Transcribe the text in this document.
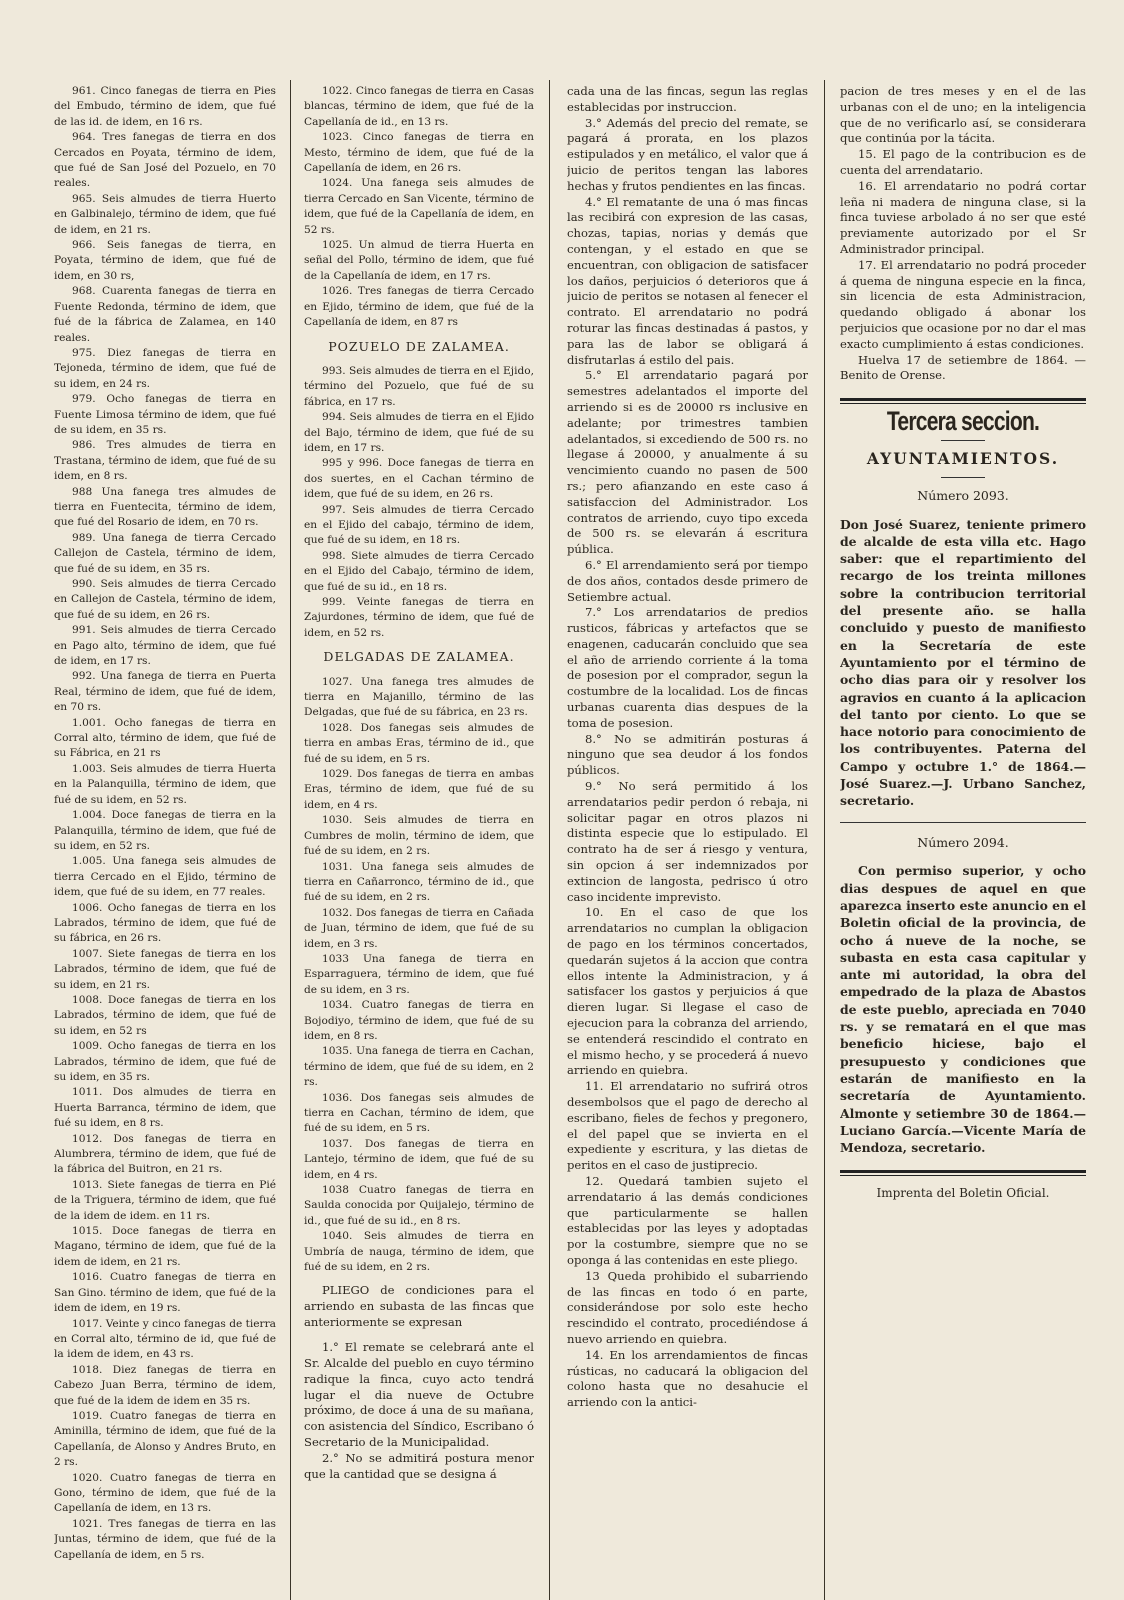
961. Cinco fanegas de tierra en Pies del Embudo, término de idem, que fué de las id. de idem, en 16 rs.

964. Tres fanegas de tierra en dos Cercados en Poyata, término de idem, que fué de San José del Pozuelo, en 70 reales.

965. Seis almudes de tierra Huerto en Galbinalejo, término de idem, que fué de idem, en 21 rs.

966. Seis fanegas de tierra, en Poyata, término de idem, que fué de idem, en 30 rs,

968. Cuarenta fanegas de tierra en Fuente Redonda, término de idem, que fué de la fábrica de Zalamea, en 140 reales.

975. Diez fanegas de tierra en Tejoneda, término de idem, que fué de su idem, en 24 rs.

979. Ocho fanegas de tierra en Fuente Limosa término de idem, que fué de su idem, en 35 rs.

986. Tres almudes de tierra en Trastana, término de idem, que fué de su idem, en 8 rs.

988 Una fanega tres almudes de tierra en Fuentecita, término de idem, que fué del Rosario de idem, en 70 rs.

989. Una fanega de tierra Cercado Callejon de Castela, término de idem, que fué de su idem, en 35 rs.

990. Seis almudes de tierra Cercado en Callejon de Castela, término de idem, que fué de su idem, en 26 rs.

991. Seis almudes de tierra Cercado en Pago alto, término de idem, que fué de idem, en 17 rs.

992. Una fanega de tierra en Puerta Real, término de idem, que fué de idem, en 70 rs.

1.001. Ocho fanegas de tierra en Corral alto, término de idem, que fué de su Fábrica, en 21 rs

1.003. Seis almudes de tierra Huerta en la Palanquilla, término de idem, que fué de su idem, en 52 rs.

1.004. Doce fanegas de tierra en la Palanquilla, término de idem, que fué de su idem, en 52 rs.

1.005. Una fanega seis almudes de tierra Cercado en el Ejido, término de idem, que fué de su idem, en 77 reales.

1006. Ocho fanegas de tierra en los Labrados, término de idem, que fué de su fábrica, en 26 rs.

1007. Siete fanegas de tierra en los Labrados, término de idem, que fué de su idem, en 21 rs.

1008. Doce fanegas de tierra en los Labrados, término de idem, que fué de su idem, en 52 rs

1009. Ocho fanegas de tierra en los Labrados, término de idem, que fué de su idem, en 35 rs.

1011. Dos almudes de tierra en Huerta Barranca, término de idem, que fué su idem, en 8 rs.

1012. Dos fanegas de tierra en Alumbrera, término de idem, que fué de la fábrica del Buitron, en 21 rs.

1013. Siete fanegas de tierra en Pié de la Triguera, término de idem, que fué de la idem de idem. en 11 rs.

1015. Doce fanegas de tierra en Magano, término de idem, que fué de la idem de idem, en 21 rs.

1016. Cuatro fanegas de tierra en San Gino. término de idem, que fué de la idem de idem, en 19 rs.

1017. Veinte y cinco fanegas de tierra en Corral alto, término de id, que fué de la idem de idem, en 43 rs.

1018. Diez fanegas de tierra en Cabezo Juan Berra, término de idem, que fué de la idem de idem en 35 rs.

1019. Cuatro fanegas de tierra en Aminilla, término de idem, que fué de la Capellanía, de Alonso y Andres Bruto, en 2 rs.

1020. Cuatro fanegas de tierra en Gono, término de idem, que fué de la Capellanía de idem, en 13 rs.

1021. Tres fanegas de tierra en las Juntas, término de idem, que fué de la Capellanía de idem, en 5 rs.

1022. Cinco fanegas de tierra en Casas blancas, término de idem, que fué de la Capellanía de id., en 13 rs.

1023. Cinco fanegas de tierra en Mesto, término de idem, que fué de la Capellanía de idem, en 26 rs.

1024. Una fanega seis almudes de tierra Cercado en San Vicente, término de idem, que fué de la Capellanía de idem, en 52 rs.

1025. Un almud de tierra Huerta en señal del Pollo, término de idem, que fué de la Capellanía de idem, en 17 rs.

1026. Tres fanegas de tierra Cercado en Ejido, término de idem, que fué de la Capellanía de idem, en 87 rs

POZUELO DE ZALAMEA.

993. Seis almudes de tierra en el Ejido, término del Pozuelo, que fué de su fábrica, en 17 rs.

994. Seis almudes de tierra en el Ejido del Bajo, término de idem, que fué de su idem, en 17 rs.

995 y 996. Doce fanegas de tierra en dos suertes, en el Cachan término de idem, que fué de su idem, en 26 rs.

997. Seis almudes de tierra Cercado en el Ejido del cabajo, término de idem, que fué de su idem, en 18 rs.

998. Siete almudes de tierra Cercado en el Ejido del Cabajo, término de idem, que fué de su id., en 18 rs.

999. Veinte fanegas de tierra en Zajurdones, término de idem, que fué de idem, en 52 rs.

DELGADAS DE ZALAMEA.

1027. Una fanega tres almudes de tierra en Majanillo, término de las Delgadas, que fué de su fábrica, en 23 rs.

1028. Dos fanegas seis almudes de tierra en ambas Eras, término de id., que fué de su idem, en 5 rs.

1029. Dos fanegas de tierra en ambas Eras, término de idem, que fué de su idem, en 4 rs.

1030. Seis almudes de tierra en Cumbres de molin, término de idem, que fué de su idem, en 2 rs.

1031. Una fanega seis almudes de tierra en Cañarronco, término de id., que fué de su idem, en 2 rs.

1032. Dos fanegas de tierra en Cañada de Juan, término de idem, que fué de su idem, en 3 rs.

1033 Una fanega de tierra en Esparraguera, término de idem, que fué de su idem, en 3 rs.

1034. Cuatro fanegas de tierra en Bojodiyo, término de idem, que fué de su idem, en 8 rs.

1035. Una fanega de tierra en Cachan, término de idem, que fué de su idem, en 2 rs.

1036. Dos fanegas seis almudes de tierra en Cachan, término de idem, que fué de su idem, en 5 rs.

1037. Dos fanegas de tierra en Lantejo, término de idem, que fué de su idem, en 4 rs.

1038 Cuatro fanegas de tierra en Saulda conocida por Quijalejo, término de id., que fué de su id., en 8 rs.

1040. Seis almudes de tierra en Umbría de nauga, término de idem, que fué de su idem, en 2 rs.

PLIEGO de condiciones para el arriendo en subasta de las fincas que anteriormente se expresan

1.° El remate se celebrará ante el Sr. Alcalde del pueblo en cuyo término radique la finca, cuyo acto tendrá lugar el dia nueve de Octubre próximo, de doce á una de su mañana, con asistencia del Síndico, Escribano ó Secretario de la Municipalidad.

2.° No se admitirá postura menor que la cantidad que se designa á

cada una de las fincas, segun las reglas establecidas por instruccion.

3.° Además del precio del remate, se pagará á prorata, en los plazos estipulados y en metálico, el valor que á juicio de peritos tengan las labores hechas y frutos pendientes en las fincas.

4.° El rematante de una ó mas fincas las recibirá con expresion de las casas, chozas, tapias, norias y demás que contengan, y el estado en que se encuentran, con obligacion de satisfacer los daños, perjuicios ó deterioros que á juicio de peritos se notasen al fenecer el contrato. El arrendatario no podrá roturar las fincas destinadas á pastos, y para las de labor se obligará á disfrutarlas á estilo del pais.

5.° El arrendatario pagará por semestres adelantados el importe del arriendo si es de 20000 rs inclusive en adelante; por trimestres tambien adelantados, si excediendo de 500 rs. no llegase á 20000, y anualmente á su vencimiento cuando no pasen de 500 rs.; pero afianzando en este caso á satisfaccion del Administrador. Los contratos de arriendo, cuyo tipo exceda de 500 rs. se elevarán á escritura pública.

6.° El arrendamiento será por tiempo de dos años, contados desde primero de Setiembre actual.

7.° Los arrendatarios de predios rusticos, fábricas y artefactos que se enagenen, caducarán concluido que sea el año de arriendo corriente á la toma de posesion por el comprador, segun la costumbre de la localidad. Los de fincas urbanas cuarenta dias despues de la toma de posesion.

8.° No se admitirán posturas á ninguno que sea deudor á los fondos públicos.

9.° No será permitido á los arrendatarios pedir perdon ó rebaja, ni solicitar pagar en otros plazos ni distinta especie que lo estipulado. El contrato ha de ser á riesgo y ventura, sin opcion á ser indemnizados por extincion de langosta, pedrisco ú otro caso incidente imprevisto.

10. En el caso de que los arrendatarios no cumplan la obligacion de pago en los términos concertados, quedarán sujetos á la accion que contra ellos intente la Administracion, y á satisfacer los gastos y perjuicios á que dieren lugar. Si llegase el caso de ejecucion para la cobranza del arriendo, se entenderá rescindido el contrato en el mismo hecho, y se procederá á nuevo arriendo en quiebra.

11. El arrendatario no sufrirá otros desembolsos que el pago de derecho al escribano, fieles de fechos y pregonero, el del papel que se invierta en el expediente y escritura, y las dietas de peritos en el caso de justiprecio.

12. Quedará tambien sujeto el arrendatario á las demás condiciones que particularmente se hallen establecidas por las leyes y adoptadas por la costumbre, siempre que no se oponga á las contenidas en este pliego.

13 Queda prohibido el subarriendo de las fincas en todo ó en parte, considerándose por solo este hecho rescindido el contrato, procediéndose á nuevo arriendo en quiebra.

14. En los arrendamientos de fincas rústicas, no caducará la obligacion del colono hasta que no desahucie el arriendo con la antici-

pacion de tres meses y en el de las urbanas con el de uno; en la inteligencia que de no verificarlo así, se considerara que continúa por la tácita.

15. El pago de la contribucion es de cuenta del arrendatario.

16. El arrendatario no podrá cortar leña ni madera de ninguna clase, si la finca tuviese arbolado á no ser que esté previamente autorizado por el Sr Administrador principal.

17. El arrendatario no podrá proceder á quema de ninguna especie en la finca, sin licencia de esta Administracion, quedando obligado á abonar los perjuicios que ocasione por no dar el mas exacto cumplimiento á estas condiciones.

Huelva 17 de setiembre de 1864. — Benito de Orense.

Tercera seccion.
AYUNTAMIENTOS.
Número 2093.

Don José Suarez, teniente primero de alcalde de esta villa etc. Hago saber: que el repartimiento del recargo de los treinta millones sobre la contribucion territorial del presente año. se halla concluido y puesto de manifiesto en la Secretaría de este Ayuntamiento por el término de ocho dias para oir y resolver los agravios en cuanto á la aplicacion del tanto por ciento. Lo que se hace notorio para conocimiento de los contribuyentes. Paterna del Campo y octubre 1.° de 1864.— José Suarez.—J. Urbano Sanchez, secretario.

Número 2094.

Con permiso superior, y ocho dias despues de aquel en que aparezca inserto este anuncio en el Boletin oficial de la provincia, de ocho á nueve de la noche, se subasta en esta casa capitular y ante mi autoridad, la obra del empedrado de la plaza de Abastos de este pueblo, apreciada en 7040 rs. y se rematará en el que mas beneficio hiciese, bajo el presupuesto y condiciones que estarán de manifiesto en la secretaría de Ayuntamiento. Almonte y setiembre 30 de 1864.—Luciano García.—Vicente María de Mendoza, secretario.

Imprenta del Boletin Oficial.
